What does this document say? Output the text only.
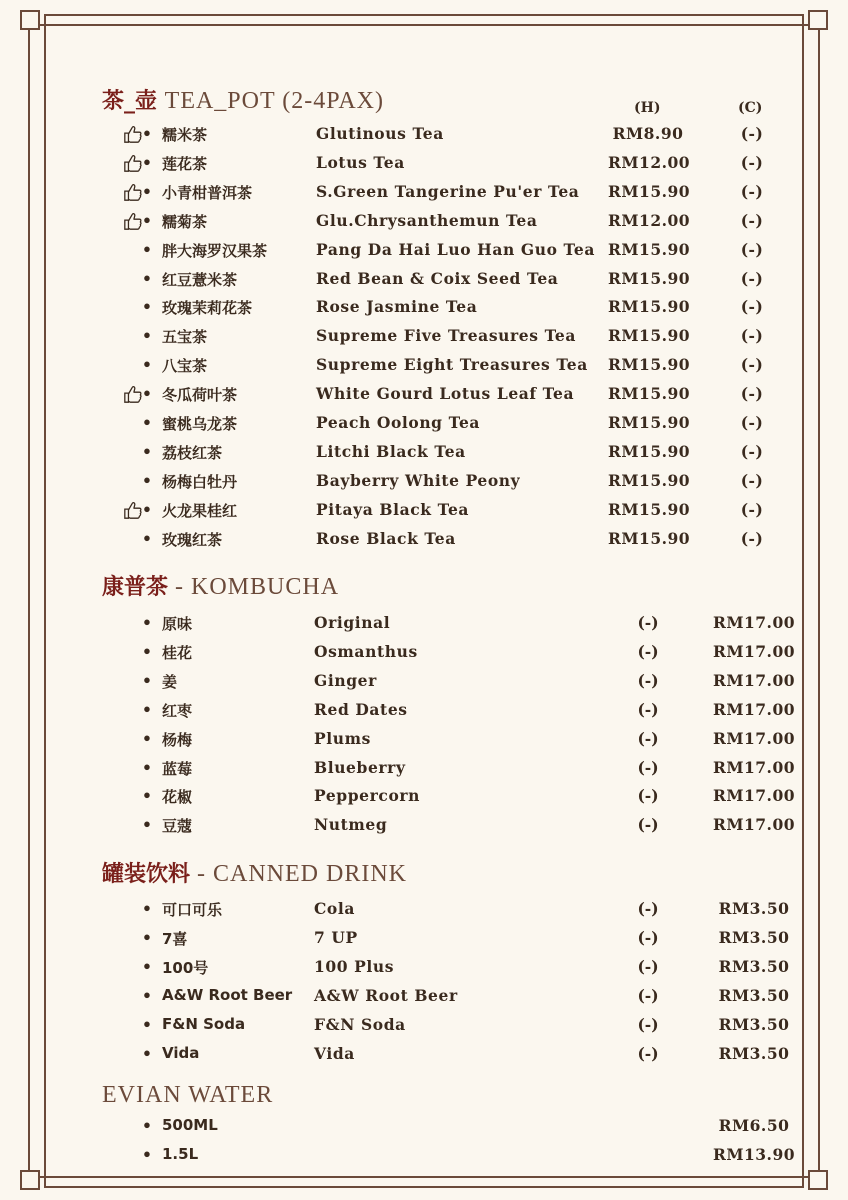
茶_壶 TEA_POT (2-4PAX)	(H)	(C)
• 糯米茶	Glutinous Tea	RM8.90	(-)
• 莲花茶	Lotus Tea	RM12.00	(-)
• 小青柑普洱茶	S.Green Tangerine Pu'er Tea RM15.90	(-)
• 糯菊茶	Glu.Chrysanthemun Tea	RM12.00	(-)
• 胖大海罗汉果茶	Pang Da Hai Luo Han Guo Tea RM15.90	(-)
• 红豆薏米茶	Red Bean & Coix Seed Tea	RM15.90	(-)
• 玫瑰茉莉花茶	Rose Jasmine Tea	RM15.90	(-)
• 五宝茶	Supreme Five Treasures Tea RM15.90	(-)
• 八宝茶	Supreme Eight Treasures Tea RM15.90	(-)
• 冬瓜荷叶茶	White Gourd Lotus Leaf Tea RM15.90	(-)
• 蜜桃乌龙茶	Peach Oolong Tea	RM15.90	(-)
• 荔枝红茶	Litchi Black Tea	RM15.90	(-)
• 杨梅白牡丹	Bayberry White Peony	RM15.90	(-)
• 火龙果桂红	Pitaya Black Tea	RM15.90	(-)
• 玫瑰红茶	Rose Black Tea	RM15.90	(-)
康普茶 - KOMBUCHA
• 原味	Original	(-)	RM17.00
• 桂花	Osmanthus	(-)	RM17.00
• 姜	Ginger	(-)	RM17.00
• 红枣	Red Dates	(-)	RM17.00
• 杨梅	Plums	(-)	RM17.00
• 蓝莓	Blueberry	(-)	RM17.00
• 花椒	Peppercorn	(-)	RM17.00
• 豆蔻	Nutmeg	(-)	RM17.00
罐装饮料 - CANNED DRINK
• 可口可乐	Cola	(-)	RM3.50
• 7喜	7 UP	(-)	RM3.50
• 100号	100 Plus	(-)	RM3.50
• A&W Root Beer A&W Root Beer	(-)	RM3.50
• F&N Soda	F&N Soda	(-)	RM3.50
• Vida	Vida	(-)	RM3.50
EVIAN WATER
• 500ML	RM6.50
• 1.5L	RM13.90
